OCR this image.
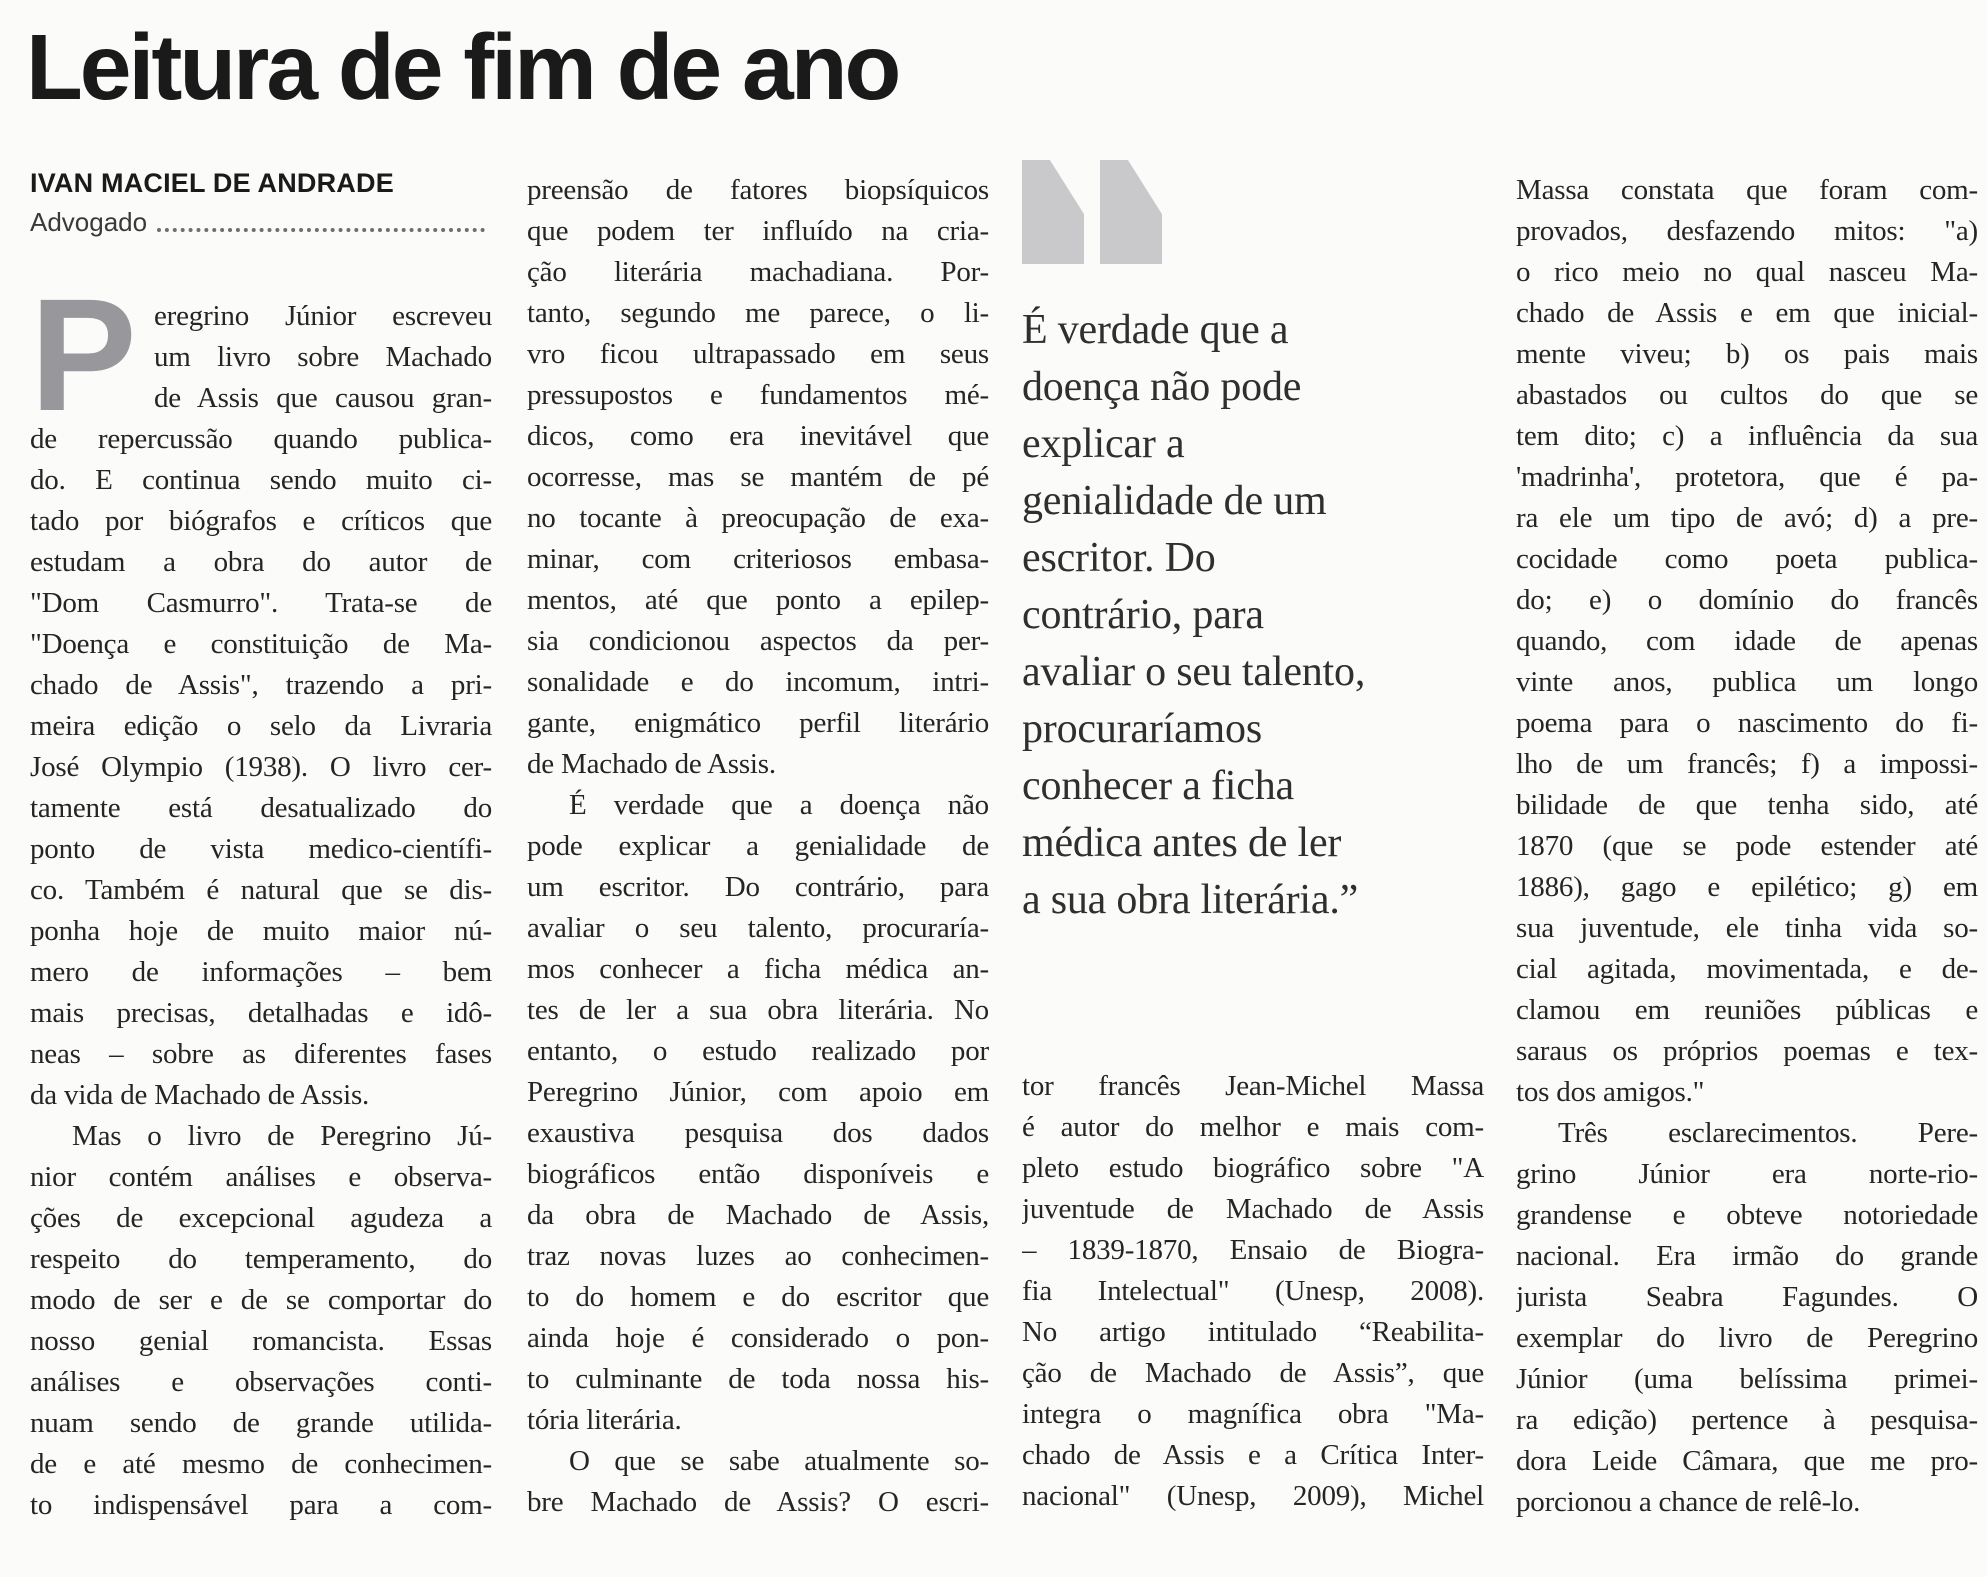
Leitura de fim de ano
IVAN MACIEL DE ANDRADE
Advogado
P eregrino Júnior escreveu
um livro sobre Machado
de Assis que causou gran-
de repercussão quando publica-
do. E continua sendo muito ci-
tado por biógrafos e críticos que
estudam a obra do autor de
"Dom Casmurro". Trata-se de
"Doença e constituição de Ma-
chado de Assis", trazendo a pri-
meira edição o selo da Livraria
José Olympio (1938). O livro cer-
tamente está desatualizado do
ponto de vista medico-científi-
co. Também é natural que se dis-
ponha hoje de muito maior nú-
mero de informações – bem
mais precisas, detalhadas e idô-
neas – sobre as diferentes fases
da vida de Machado de Assis.
Mas o livro de Peregrino Jú-
nior contém análises e observa-
ções de excepcional agudeza a
respeito do temperamento, do
modo de ser e de se comportar do
nosso genial romancista. Essas
análises e observações conti-
nuam sendo de grande utilida-
de e até mesmo de conhecimen-
to indispensável para a com-
preensão de fatores biopsíquicos
que podem ter influído na cria-
ção literária machadiana. Por-
tanto, segundo me parece, o li-
vro ficou ultrapassado em seus
pressupostos e fundamentos mé-
dicos, como era inevitável que
ocorresse, mas se mantém de pé
no tocante à preocupação de exa-
minar, com criteriosos embasa-
mentos, até que ponto a epilep-
sia condicionou aspectos da per-
sonalidade e do incomum, intri-
gante, enigmático perfil literário
de Machado de Assis.
É verdade que a doença não
pode explicar a genialidade de
um escritor. Do contrário, para
avaliar o seu talento, procuraría-
mos conhecer a ficha médica an-
tes de ler a sua obra literária. No
entanto, o estudo realizado por
Peregrino Júnior, com apoio em
exaustiva pesquisa dos dados
biográficos então disponíveis e
da obra de Machado de Assis,
traz novas luzes ao conhecimen-
to do homem e do escritor que
ainda hoje é considerado o pon-
to culminante de toda nossa his-
tória literária.
O que se sabe atualmente so-
bre Machado de Assis? O escri-
É verdade que a
doença não pode
explicar a
genialidade de um
escritor. Do
contrário, para
avaliar o seu talento,
procuraríamos
conhecer a ficha
médica antes de ler
a sua obra literária.”
tor francês Jean-Michel Massa
é autor do melhor e mais com-
pleto estudo biográfico sobre "A
juventude de Machado de Assis
– 1839-1870, Ensaio de Biogra-
fia Intelectual" (Unesp, 2008).
No artigo intitulado “Reabilita-
ção de Machado de Assis”, que
integra o magnífica obra "Ma-
chado de Assis e a Crítica Inter-
nacional" (Unesp, 2009), Michel
Massa constata que foram com-
provados, desfazendo mitos: "a)
o rico meio no qual nasceu Ma-
chado de Assis e em que inicial-
mente viveu; b) os pais mais
abastados ou cultos do que se
tem dito; c) a influência da sua
'madrinha', protetora, que é pa-
ra ele um tipo de avó; d) a pre-
cocidade como poeta publica-
do; e) o domínio do francês
quando, com idade de apenas
vinte anos, publica um longo
poema para o nascimento do fi-
lho de um francês; f) a impossi-
bilidade de que tenha sido, até
1870 (que se pode estender até
1886), gago e epilético; g) em
sua juventude, ele tinha vida so-
cial agitada, movimentada, e de-
clamou em reuniões públicas e
saraus os próprios poemas e tex-
tos dos amigos."
Três esclarecimentos. Pere-
grino Júnior era norte-rio-
grandense e obteve notoriedade
nacional. Era irmão do grande
jurista Seabra Fagundes. O
exemplar do livro de Peregrino
Júnior (uma belíssima primei-
ra edição) pertence à pesquisa-
dora Leide Câmara, que me pro-
porcionou a chance de relê-lo.
